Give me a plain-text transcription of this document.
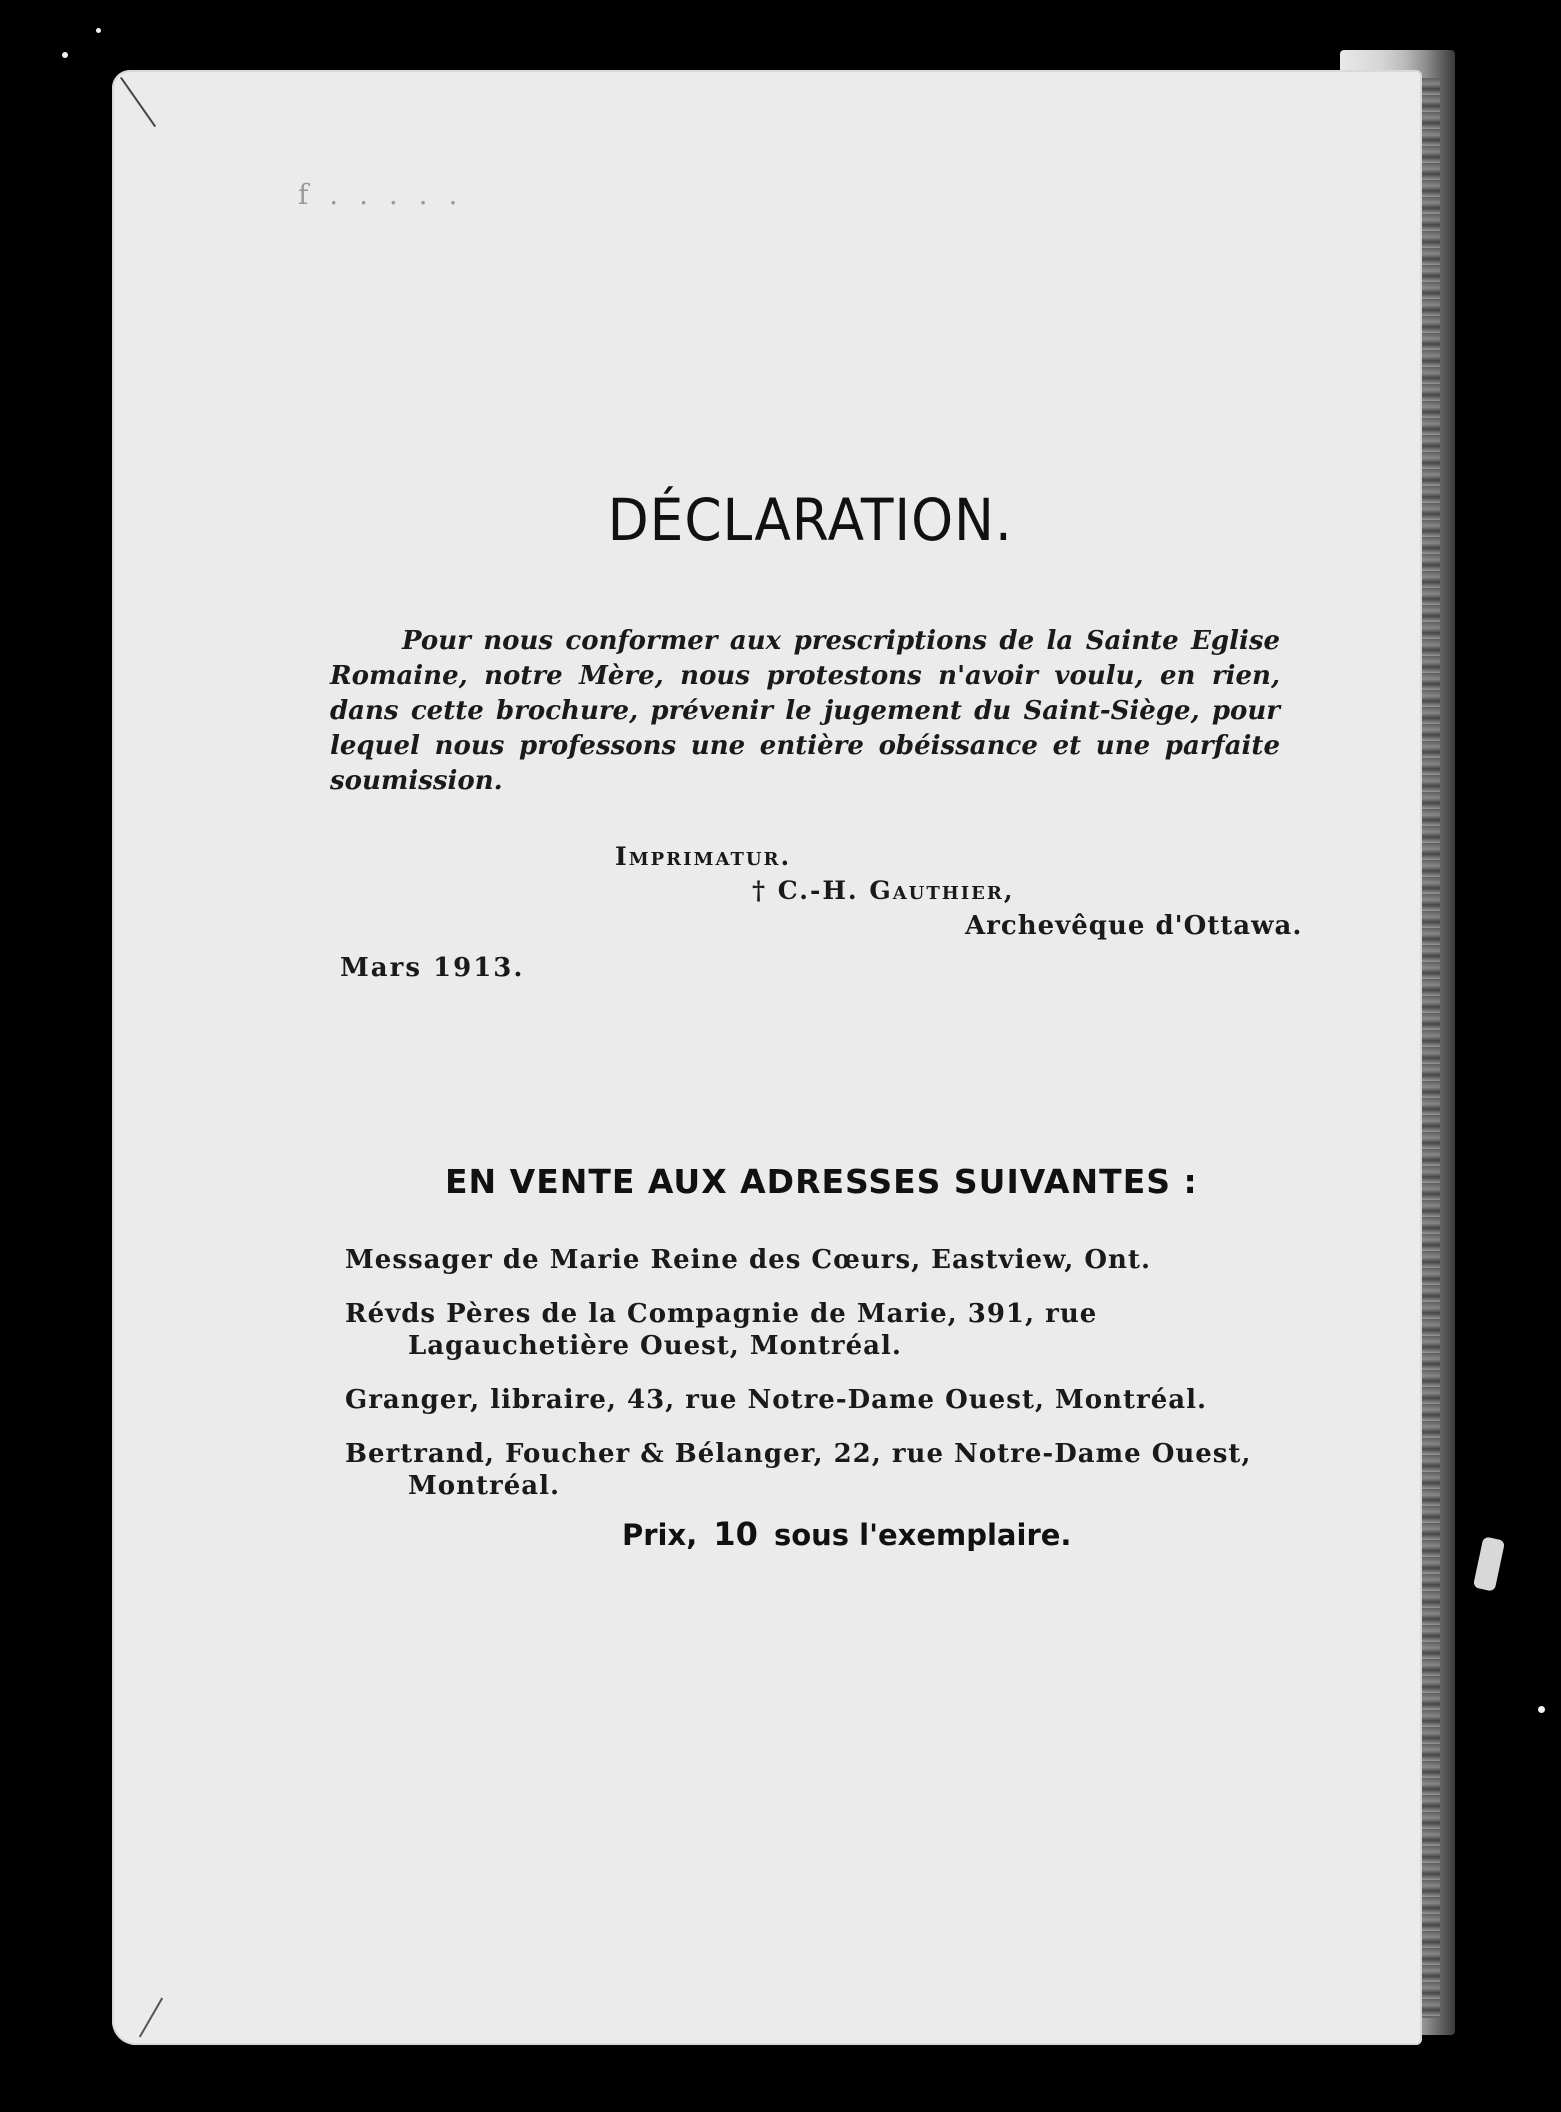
f . . . . .
DÉCLARATION.
Pour nous conformer aux prescriptions de la Sainte Eglise Romaine, notre Mère, nous protestons n'avoir voulu, en rien, dans cette brochure, prévenir le jugement du Saint-Siège, pour lequel nous professons une entière obéissance et une parfaite soumission.
Imprimatur.
† C.-H. Gauthier,
Archevêque d'Ottawa.
Mars 1913.
EN VENTE AUX ADRESSES SUIVANTES :
Messager de Marie Reine des Cœurs, Eastview, Ont.
Révds Pères de la Compagnie de Marie, 391, rue Lagauchetière Ouest, Montréal.
Granger, libraire, 43, rue Notre-Dame Ouest, Montréal.
Bertrand, Foucher & Bélanger, 22, rue Notre-Dame Ouest, Montréal.
Prix, 10 sous l'exemplaire.
